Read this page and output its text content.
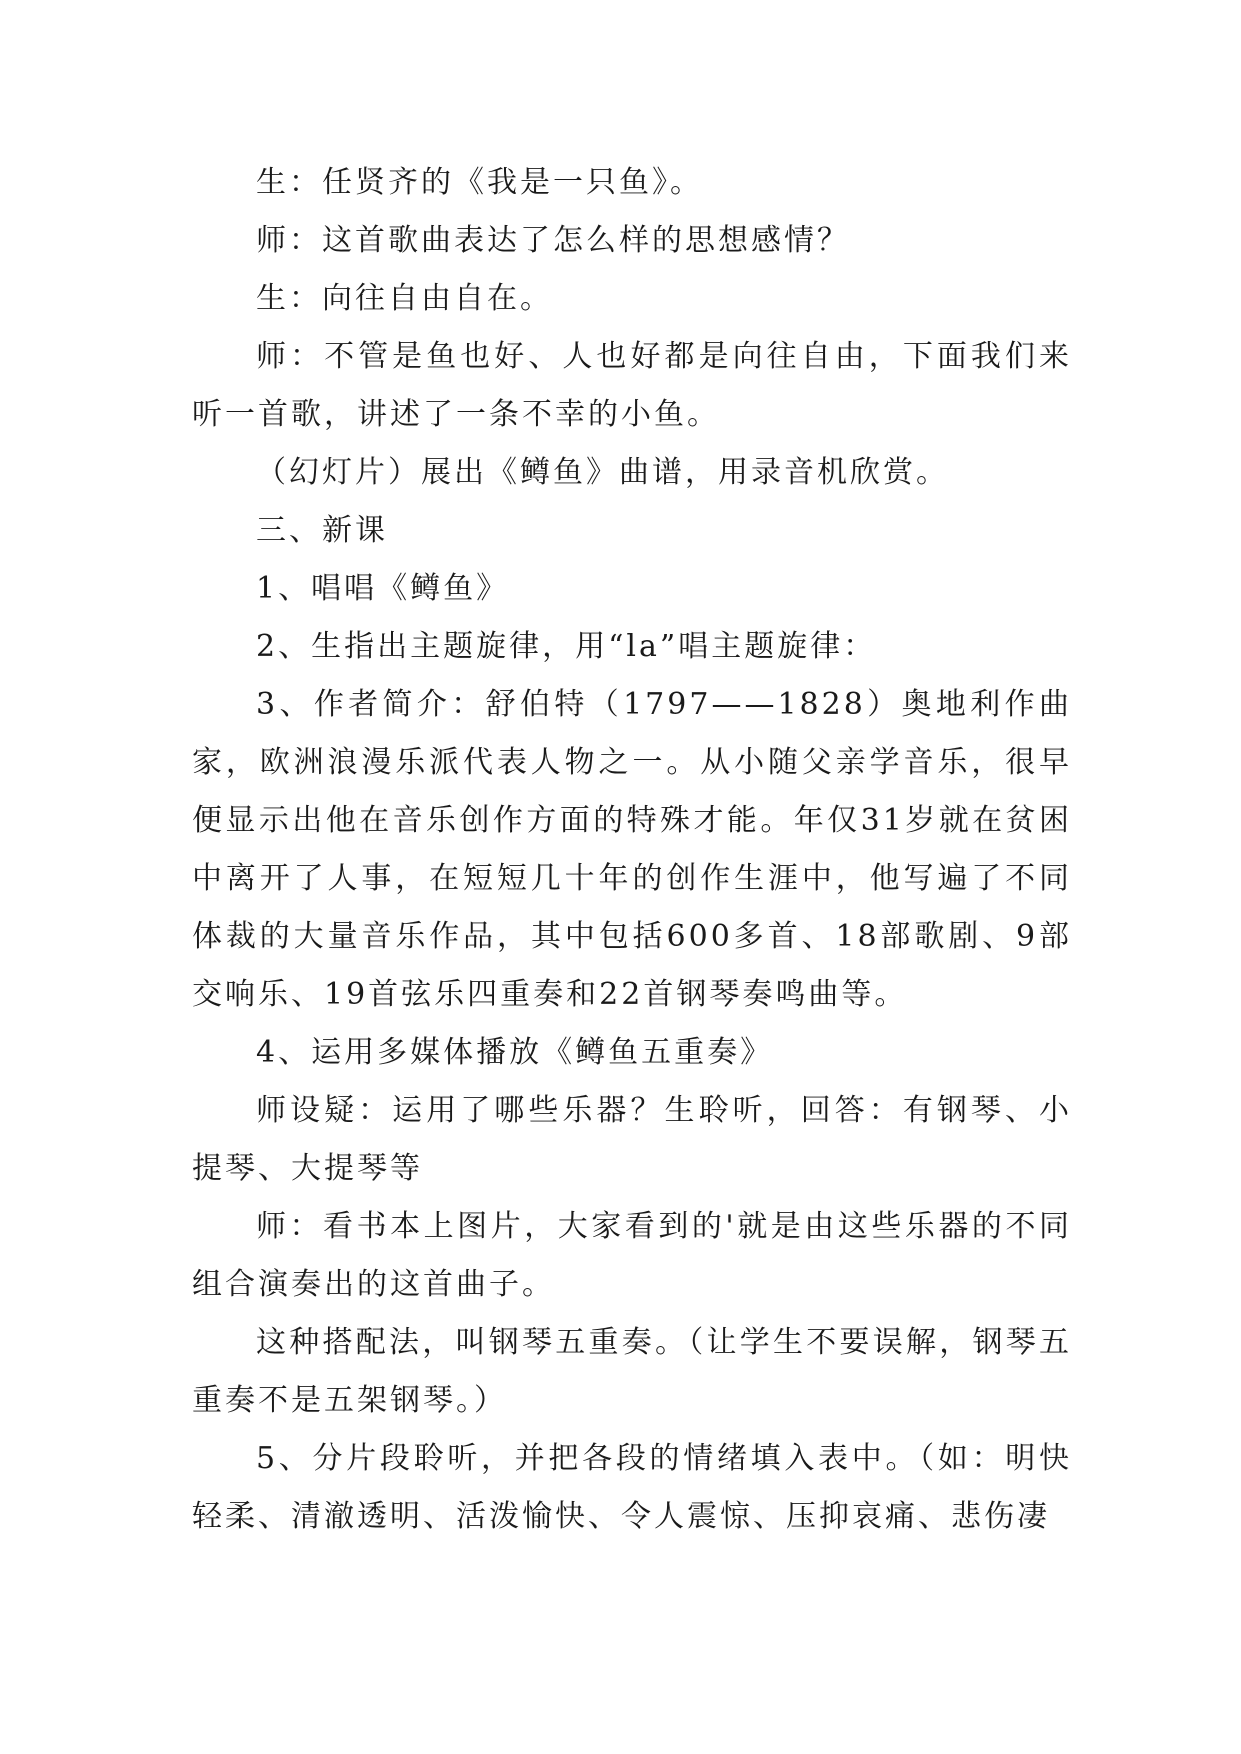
生：任贤齐的《我是一只鱼》。

师：这首歌曲表达了怎么样的思想感情？

生：向往自由自在。

师：不管是鱼也好、人也好都是向往自由，下面我们来听一首歌，讲述了一条不幸的小鱼。

（幻灯片）展出《鳟鱼》曲谱，用录音机欣赏。

三、新课

1、唱唱《鳟鱼》

2、生指出主题旋律，用“la”唱主题旋律：

3、作者简介：舒伯特（1797——1828）奥地利作曲家，欧洲浪漫乐派代表人物之一。从小随父亲学音乐，很早便显示出他在音乐创作方面的特殊才能。年仅31岁就在贫困中离开了人事，在短短几十年的创作生涯中，他写遍了不同体裁的大量音乐作品，其中包括600多首、18部歌剧、9部交响乐、19首弦乐四重奏和22首钢琴奏鸣曲等。

4、运用多媒体播放《鳟鱼五重奏》

师设疑：运用了哪些乐器？生聆听，回答：有钢琴、小提琴、大提琴等

师：看书本上图片，大家看到的'就是由这些乐器的不同组合演奏出的这首曲子。

这种搭配法，叫钢琴五重奏。（让学生不要误解，钢琴五重奏不是五架钢琴。）

5、分片段聆听，并把各段的情绪填入表中。（如：明快轻柔、清澈透明、活泼愉快、令人震惊、压抑哀痛、悲伤凄
